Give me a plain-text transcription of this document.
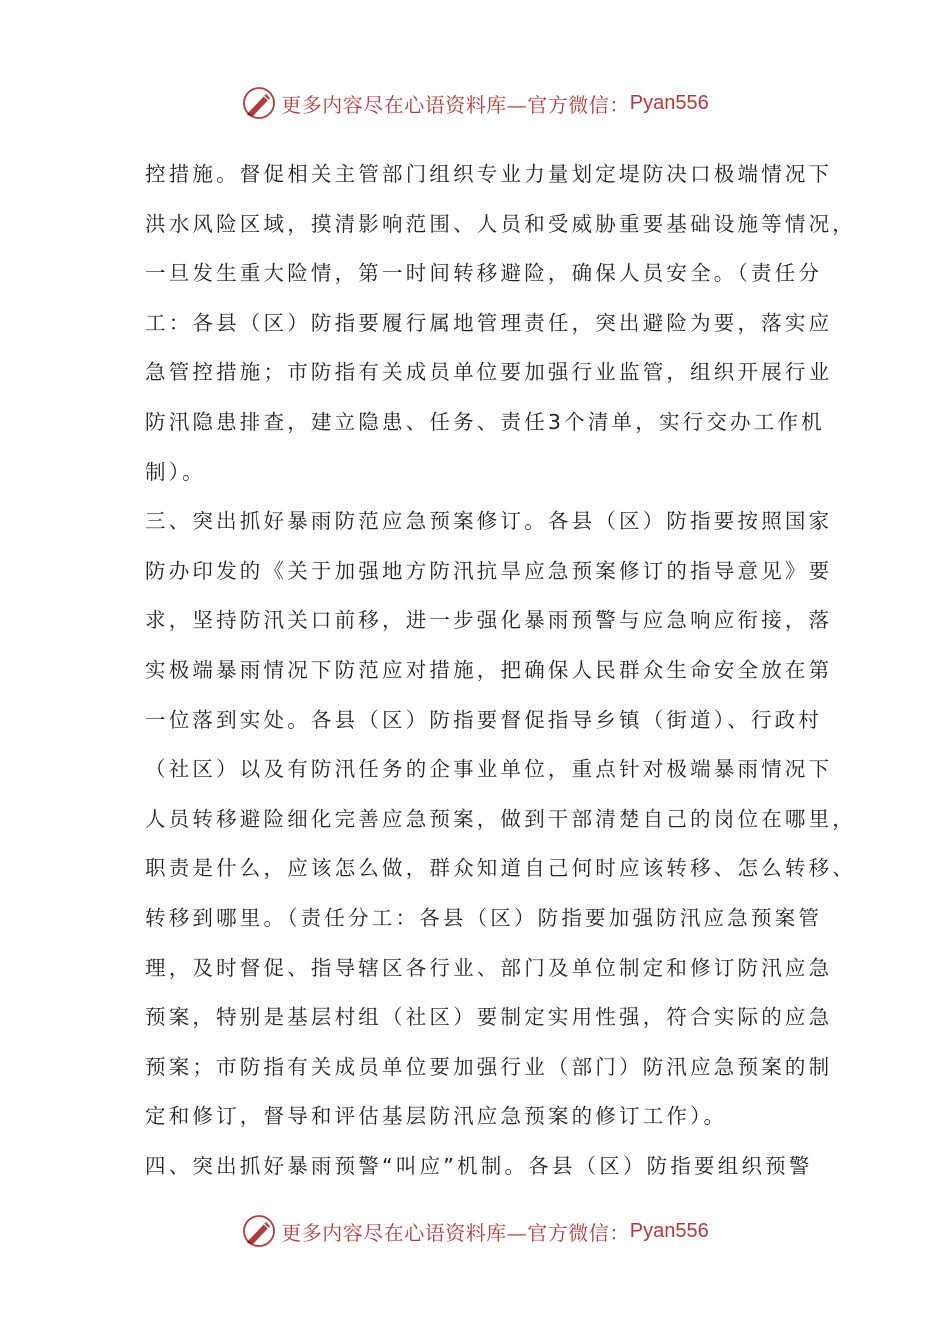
更多内容尽在心语资料库—官方微信： Pyan556
控措施。督促相关主管部门组织专业力量划定堤防决口极端情况下
洪水风险区域，摸清影响范围、人员和受威胁重要基础设施等情况，
一旦发生重大险情，第一时间转移避险，确保人员安全。（责任分
工：各县（区）防指要履行属地管理责任，突出避险为要，落实应
急管控措施；市防指有关成员单位要加强行业监管，组织开展行业
防汛隐患排查，建立隐患、任务、责任3个清单，实行交办工作机
制）。
三、突出抓好暴雨防范应急预案修订。各县（区）防指要按照国家
防办印发的《关于加强地方防汛抗旱应急预案修订的指导意见》要
求，坚持防汛关口前移，进一步强化暴雨预警与应急响应衔接，落
实极端暴雨情况下防范应对措施，把确保人民群众生命安全放在第
一位落到实处。各县（区）防指要督促指导乡镇（街道）、行政村
（社区）以及有防汛任务的企事业单位，重点针对极端暴雨情况下
人员转移避险细化完善应急预案，做到干部清楚自己的岗位在哪里，
职责是什么，应该怎么做，群众知道自己何时应该转移、怎么转移、
转移到哪里。（责任分工：各县（区）防指要加强防汛应急预案管
理，及时督促、指导辖区各行业、部门及单位制定和修订防汛应急
预案，特别是基层村组（社区）要制定实用性强，符合实际的应急
预案；市防指有关成员单位要加强行业（部门）防汛应急预案的制
定和修订，督导和评估基层防汛应急预案的修订工作）。
四、突出抓好暴雨预警“叫应”机制。各县（区）防指要组织预警
更多内容尽在心语资料库—官方微信： Pyan556
